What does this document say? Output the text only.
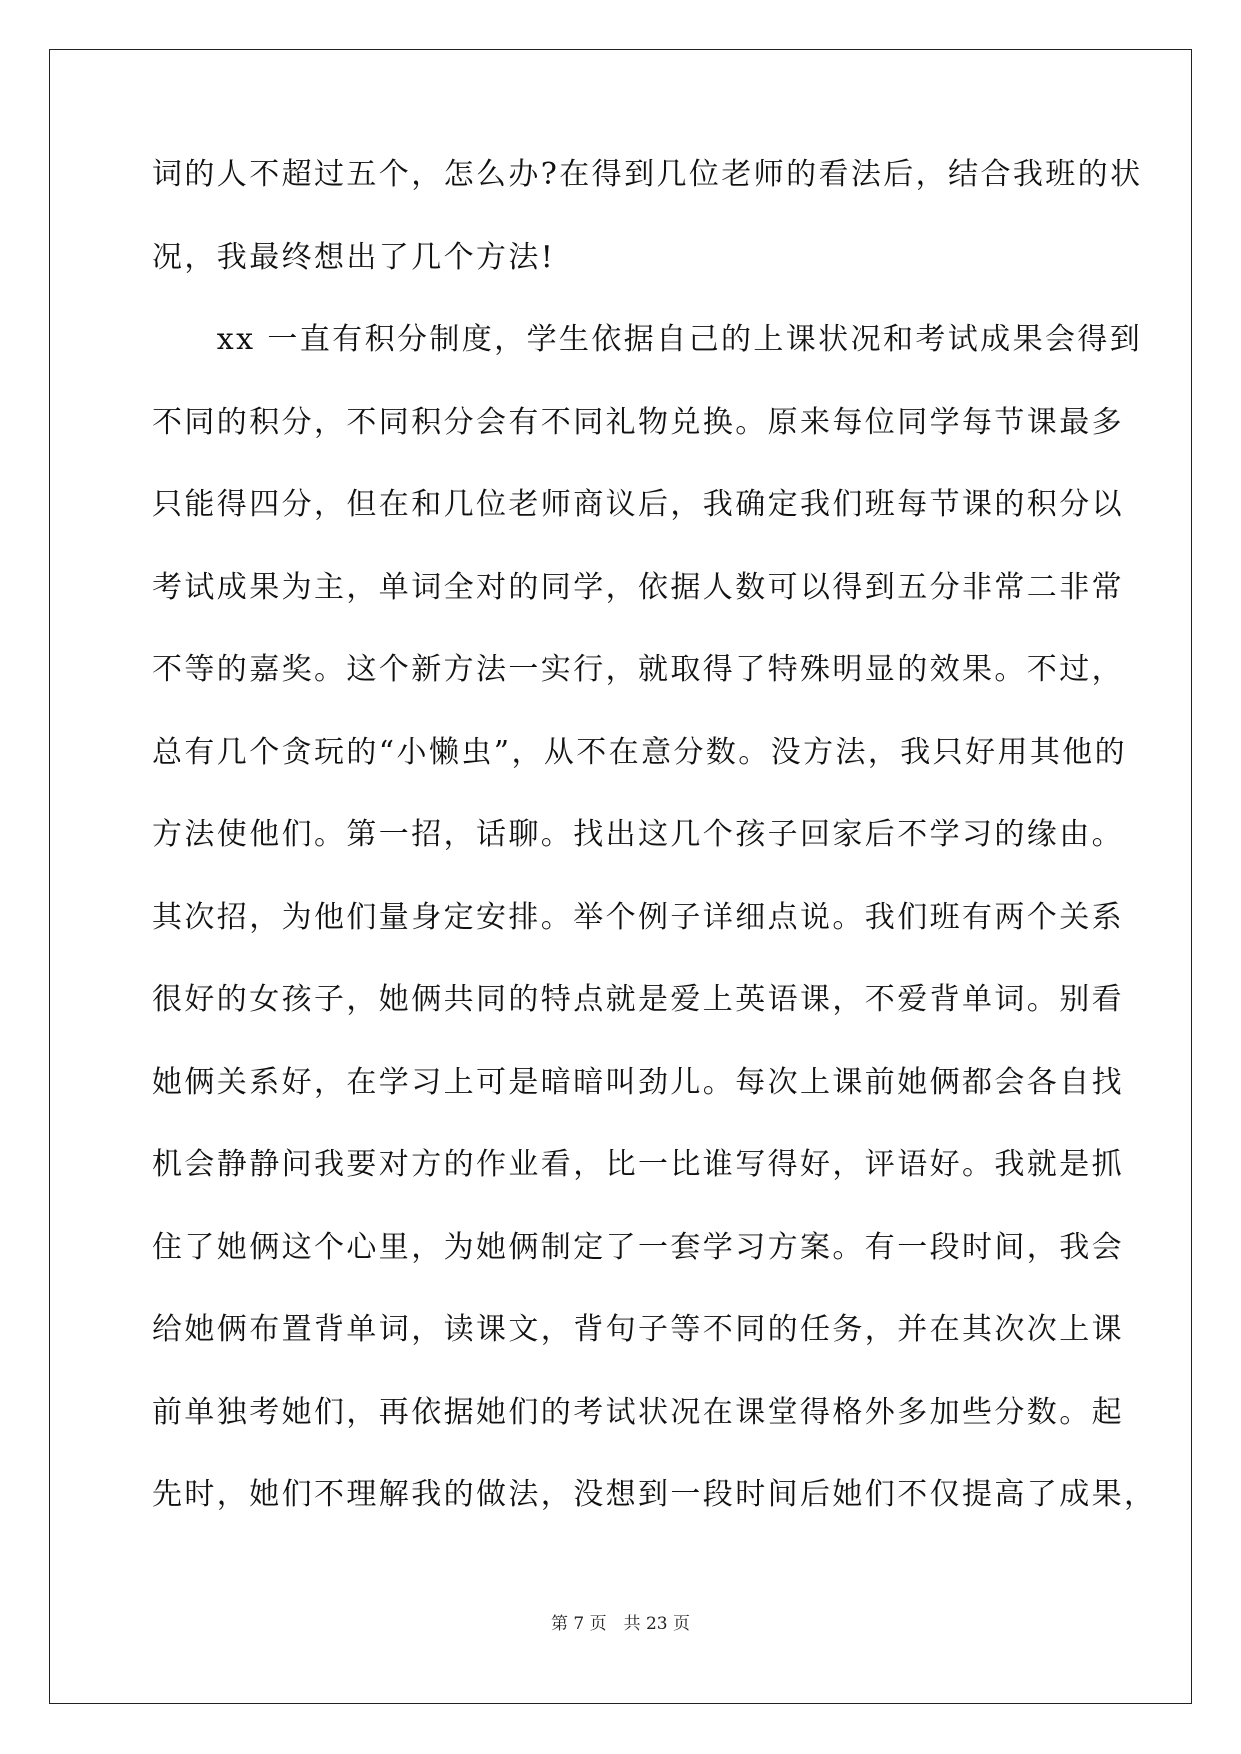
词的人不超过五个，怎么办?在得到几位老师的看法后，结合我班的状
况，我最终想出了几个方法!
　　xx 一直有积分制度，学生依据自己的上课状况和考试成果会得到
不同的积分，不同积分会有不同礼物兑换。原来每位同学每节课最多
只能得四分，但在和几位老师商议后，我确定我们班每节课的积分以
考试成果为主，单词全对的同学，依据人数可以得到五分非常二非常
不等的嘉奖。这个新方法一实行，就取得了特殊明显的效果。不过，
总有几个贪玩的“小懒虫”，从不在意分数。没方法，我只好用其他的
方法使他们。第一招，话聊。找出这几个孩子回家后不学习的缘由。
其次招，为他们量身定安排。举个例子详细点说。我们班有两个关系
很好的女孩子，她俩共同的特点就是爱上英语课，不爱背单词。别看
她俩关系好，在学习上可是暗暗叫劲儿。每次上课前她俩都会各自找
机会静静问我要对方的作业看，比一比谁写得好，评语好。我就是抓
住了她俩这个心里，为她俩制定了一套学习方案。有一段时间，我会
给她俩布置背单词，读课文，背句子等不同的任务，并在其次次上课
前单独考她们，再依据她们的考试状况在课堂得格外多加些分数。起
先时，她们不理解我的做法，没想到一段时间后她们不仅提高了成果，
第 7 页　共 23 页
